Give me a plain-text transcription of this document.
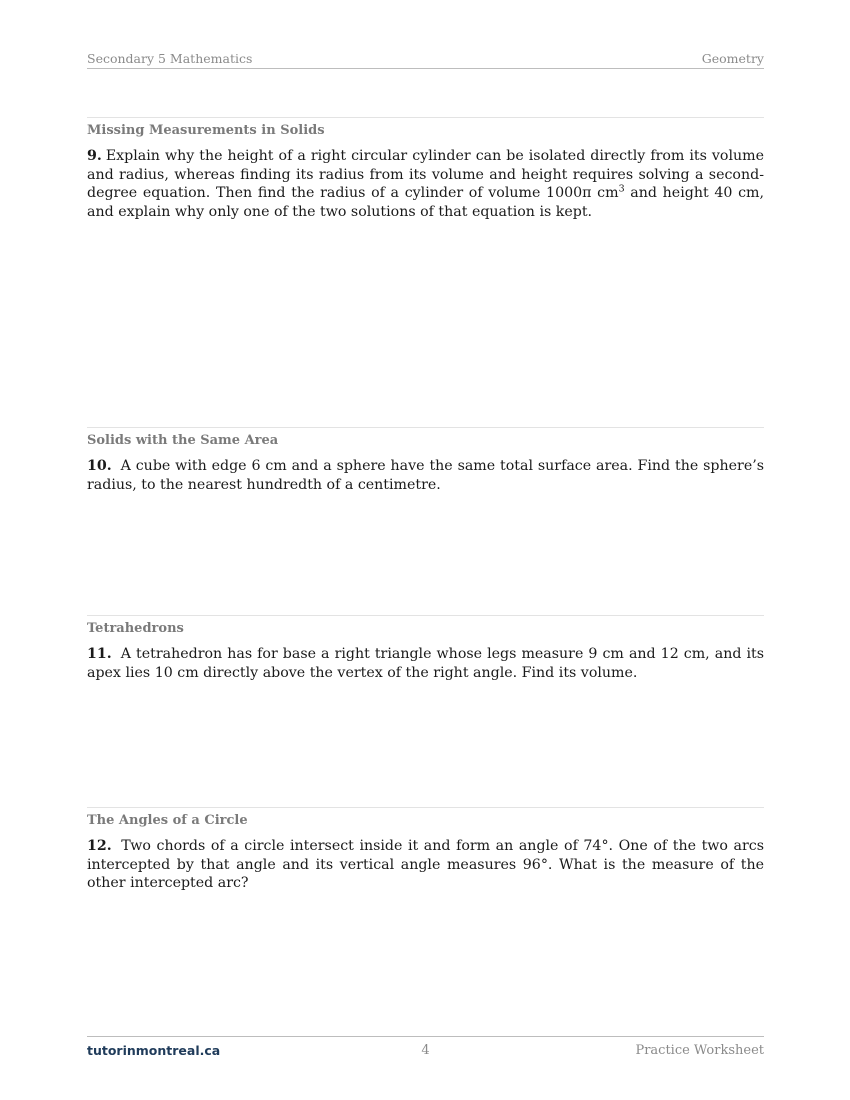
Secondary 5 Mathematics	Geometry
Missing Measurements in Solids
9. Explain why the height of a right circular cylinder can be isolated directly from its volume and radius, whereas finding its radius from its volume and height requires solving a second-degree equation. Then find the radius of a cylinder of volume 1000π $cm^3$ and height 40 cm, and explain why only one of the two solutions of that equation is kept.
Solids with the Same Area
10. A cube with edge 6 cm and a sphere have the same total surface area. Find the sphere’s radius, to the nearest hundredth of a centimetre.
Tetrahedrons
11. A tetrahedron has for base a right triangle whose legs measure 9 cm and 12 cm, and its apex lies 10 cm directly above the vertex of the right angle. Find its volume.
The Angles of a Circle
12. Two chords of a circle intersect inside it and form an angle of 74°. One of the two arcs intercepted by that angle and its vertical angle measures 96°. What is the measure of the other intercepted arc?
tutorinmontreal.ca	4	Practice Worksheet
